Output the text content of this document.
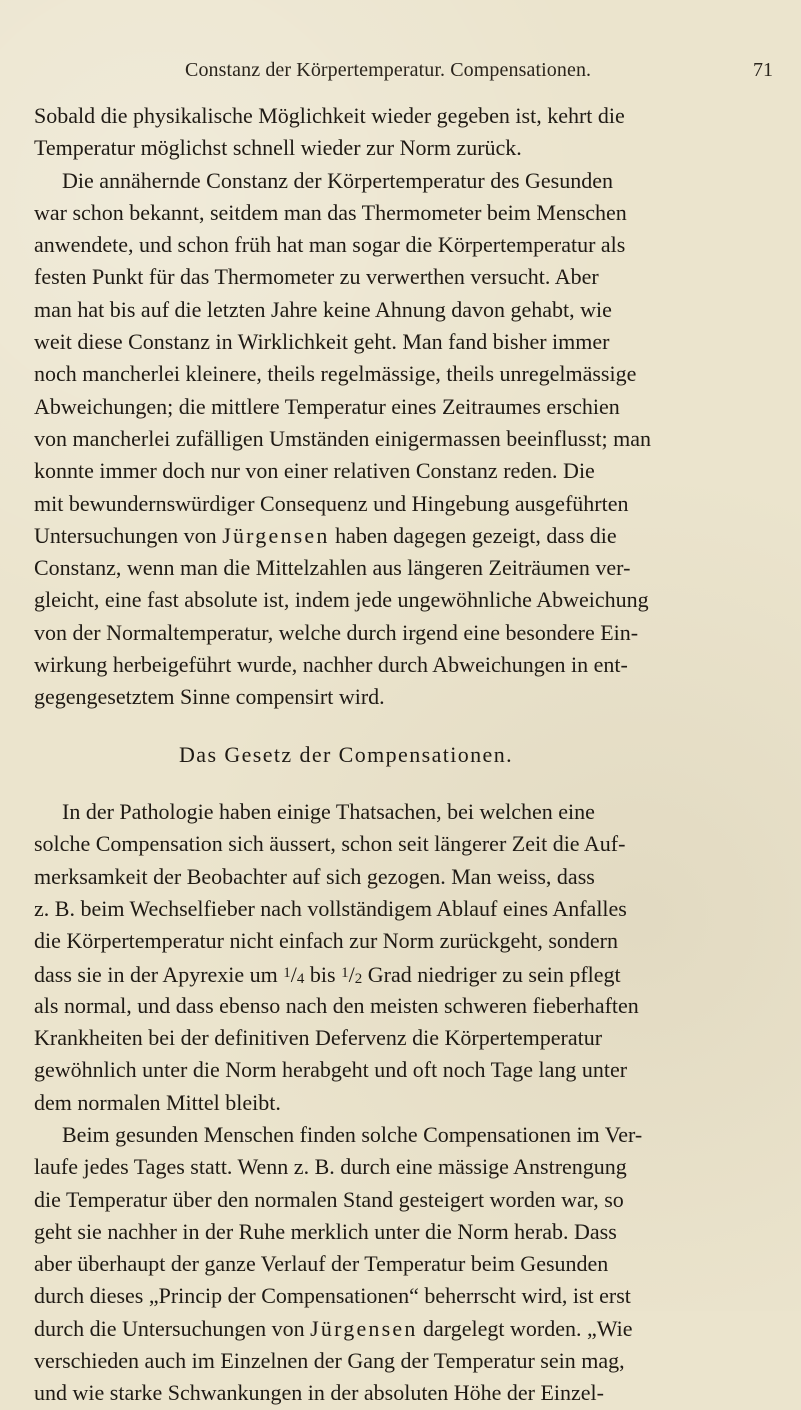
Constanz der Körpertemperatur. Compensationen.	71
Sobald die physikalische Möglichkeit wieder gegeben ist, kehrt die
Temperatur möglichst schnell wieder zur Norm zurück.
Die annähernde Constanz der Körpertemperatur des Gesunden
war schon bekannt, seitdem man das Thermometer beim Menschen
anwendete, und schon früh hat man sogar die Körpertemperatur als
festen Punkt für das Thermometer zu verwerthen versucht. Aber
man hat bis auf die letzten Jahre keine Ahnung davon gehabt, wie
weit diese Constanz in Wirklichkeit geht. Man fand bisher immer
noch mancherlei kleinere, theils regelmässige, theils unregelmässige
Abweichungen; die mittlere Temperatur eines Zeitraumes erschien
von mancherlei zufälligen Umständen einigermassen beeinflusst; man
konnte immer doch nur von einer relativen Constanz reden. Die
mit bewundernswürdiger Consequenz und Hingebung ausgeführten
Untersuchungen von Jürgensen haben dagegen gezeigt, dass die
Constanz, wenn man die Mittelzahlen aus längeren Zeiträumen ver-
gleicht, eine fast absolute ist, indem jede ungewöhnliche Abweichung
von der Normaltemperatur, welche durch irgend eine besondere Ein-
wirkung herbeigeführt wurde, nachher durch Abweichungen in ent-
gegengesetztem Sinne compensirt wird.
Das Gesetz der Compensationen.
In der Pathologie haben einige Thatsachen, bei welchen eine
solche Compensation sich äussert, schon seit längerer Zeit die Auf-
merksamkeit der Beobachter auf sich gezogen. Man weiss, dass
z. B. beim Wechselfieber nach vollständigem Ablauf eines Anfalles
die Körpertemperatur nicht einfach zur Norm zurückgeht, sondern
dass sie in der Apyrexie um $^1$/4 bis $^1$/2 Grad niedriger zu sein pflegt
als normal, und dass ebenso nach den meisten schweren fieberhaften
Krankheiten bei der definitiven Defervenz die Körpertemperatur
gewöhnlich unter die Norm herabgeht und oft noch Tage lang unter
dem normalen Mittel bleibt.
Beim gesunden Menschen finden solche Compensationen im Ver-
laufe jedes Tages statt. Wenn z. B. durch eine mässige Anstrengung
die Temperatur über den normalen Stand gesteigert worden war, so
geht sie nachher in der Ruhe merklich unter die Norm herab. Dass
aber überhaupt der ganze Verlauf der Temperatur beim Gesunden
durch dieses „Princip der Compensationen“ beherrscht wird, ist erst
durch die Untersuchungen von Jürgensen dargelegt worden. „Wie
verschieden auch im Einzelnen der Gang der Temperatur sein mag,
und wie starke Schwankungen in der absoluten Höhe der Einzel-
